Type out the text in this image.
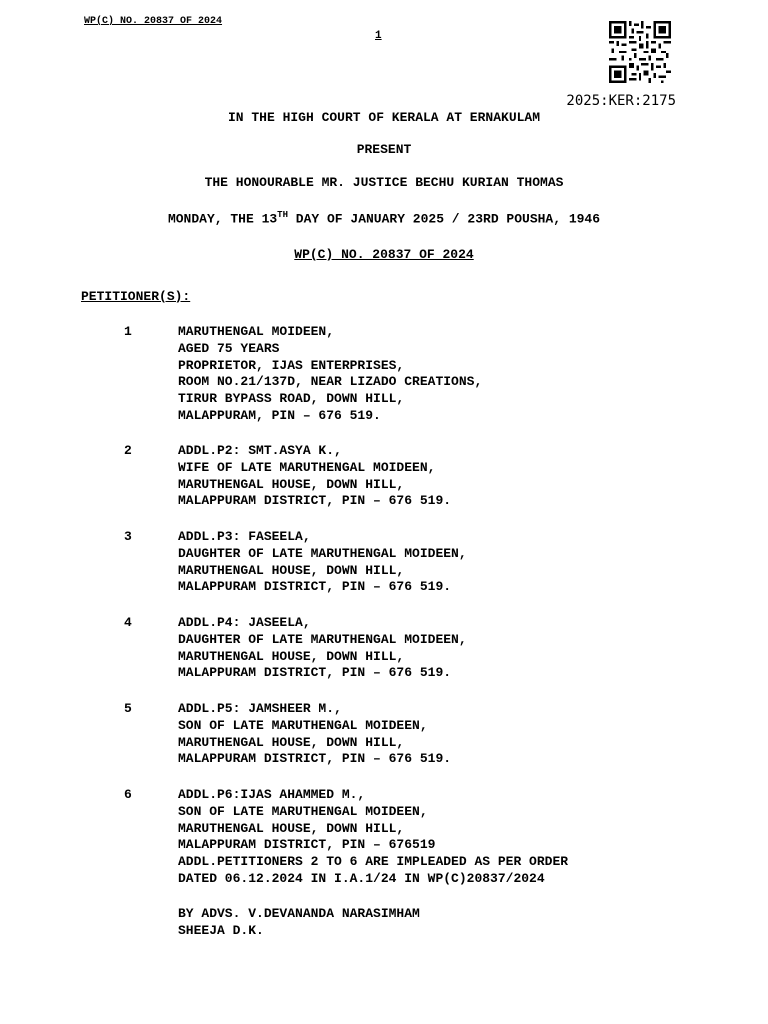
WP(C) NO. 20837 OF 2024
1
2025:KER:2175
IN THE HIGH COURT OF KERALA AT ERNAKULAM
PRESENT
THE HONOURABLE MR. JUSTICE BECHU KURIAN THOMAS
MONDAY, THE 13TH DAY OF JANUARY 2025 / 23RD POUSHA, 1946
WP(C) NO. 20837 OF 2024
PETITIONER(S):
1	MARUTHENGAL MOIDEEN,
AGED 75 YEARS
PROPRIETOR, IJAS ENTERPRISES,
ROOM NO.21/137D, NEAR LIZADO CREATIONS,
TIRUR BYPASS ROAD, DOWN HILL,
MALAPPURAM, PIN – 676 519.
2	ADDL.P2: SMT.ASYA K.,
WIFE OF LATE MARUTHENGAL MOIDEEN,
MARUTHENGAL HOUSE, DOWN HILL,
MALAPPURAM DISTRICT, PIN – 676 519.
3	ADDL.P3: FASEELA,
DAUGHTER OF LATE MARUTHENGAL MOIDEEN,
MARUTHENGAL HOUSE, DOWN HILL,
MALAPPURAM DISTRICT, PIN – 676 519.
4	ADDL.P4: JASEELA,
DAUGHTER OF LATE MARUTHENGAL MOIDEEN,
MARUTHENGAL HOUSE, DOWN HILL,
MALAPPURAM DISTRICT, PIN – 676 519.
5	ADDL.P5: JAMSHEER M.,
SON OF LATE MARUTHENGAL MOIDEEN,
MARUTHENGAL HOUSE, DOWN HILL,
MALAPPURAM DISTRICT, PIN – 676 519.
6	ADDL.P6:IJAS AHAMMED M.,
SON OF LATE MARUTHENGAL MOIDEEN,
MARUTHENGAL HOUSE, DOWN HILL,
MALAPPURAM DISTRICT, PIN – 676519
ADDL.PETITIONERS 2 TO 6 ARE IMPLEADED AS PER ORDER
DATED 06.12.2024 IN I.A.1/24 IN WP(C)20837/2024
BY ADVS. V.DEVANANDA NARASIMHAM
SHEEJA D.K.
